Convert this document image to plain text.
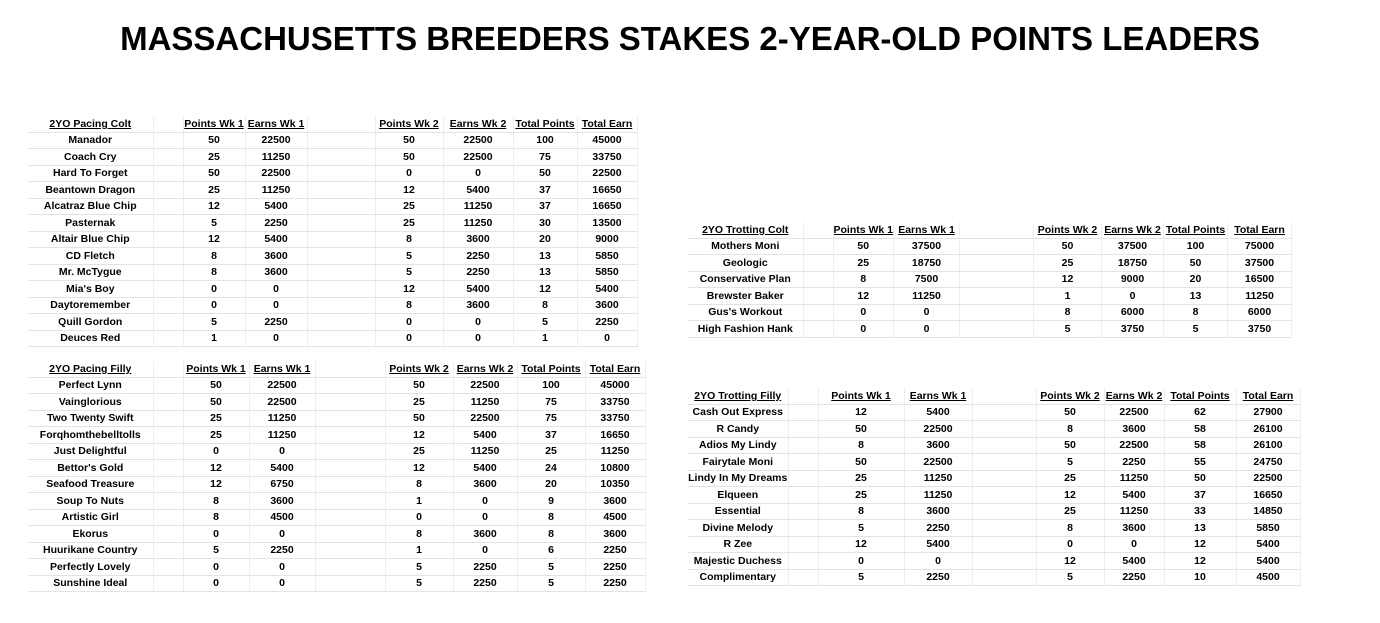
MASSACHUSETTS BREEDERS STAKES 2-YEAR-OLD POINTS LEADERS
2YO Pacing Colt		Points Wk 1	Earns Wk 1		Points Wk 2	Earns Wk 2	Total Points	Total Earn
Manador		50	22500		50	22500	100	45000
Coach Cry		25	11250		50	22500	75	33750
Hard To Forget		50	22500		0	0	50	22500
Beantown Dragon		25	11250		12	5400	37	16650
Alcatraz Blue Chip		12	5400		25	11250	37	16650
Pasternak		5	2250		25	11250	30	13500
Altair Blue Chip		12	5400		8	3600	20	9000
CD Fletch		8	3600		5	2250	13	5850
Mr. McTygue		8	3600		5	2250	13	5850
Mia's Boy		0	0		12	5400	12	5400
Daytoremember		0	0		8	3600	8	3600
Quill Gordon		5	2250		0	0	5	2250
Deuces Red		1	0		0	0	1	0
2YO Trotting Colt		Points Wk 1	Earns Wk 1		Points Wk 2	Earns Wk 2	Total Points	Total Earn
Mothers Moni		50	37500		50	37500	100	75000
Geologic		25	18750		25	18750	50	37500
Conservative Plan		8	7500		12	9000	20	16500
Brewster Baker		12	11250		1	0	13	11250
Gus's Workout		0	0		8	6000	8	6000
High Fashion Hank		0	0		5	3750	5	3750
2YO Pacing Filly		Points Wk 1	Earns Wk 1		Points Wk 2	Earns Wk 2	Total Points	Total Earn
Perfect Lynn		50	22500		50	22500	100	45000
Vainglorious		50	22500		25	11250	75	33750
Two Twenty Swift		25	11250		50	22500	75	33750
Forqhomthebelltolls		25	11250		12	5400	37	16650
Just Delightful		0	0		25	11250	25	11250
Bettor's Gold		12	5400		12	5400	24	10800
Seafood Treasure		12	6750		8	3600	20	10350
Soup To Nuts		8	3600		1	0	9	3600
Artistic Girl		8	4500		0	0	8	4500
Ekorus		0	0		8	3600	8	3600
Huurikane Country		5	2250		1	0	6	2250
Perfectly Lovely		0	0		5	2250	5	2250
Sunshine Ideal		0	0		5	2250	5	2250
2YO Trotting Filly		Points Wk 1	Earns Wk 1		Points Wk 2	Earns Wk 2	Total Points	Total Earn
Cash Out Express		12	5400		50	22500	62	27900
R Candy		50	22500		8	3600	58	26100
Adios My Lindy		8	3600		50	22500	58	26100
Fairytale Moni		50	22500		5	2250	55	24750
Lindy In My Dreams		25	11250		25	11250	50	22500
Elqueen		25	11250		12	5400	37	16650
Essential		8	3600		25	11250	33	14850
Divine Melody		5	2250		8	3600	13	5850
R Zee		12	5400		0	0	12	5400
Majestic Duchess		0	0		12	5400	12	5400
Complimentary		5	2250		5	2250	10	4500
